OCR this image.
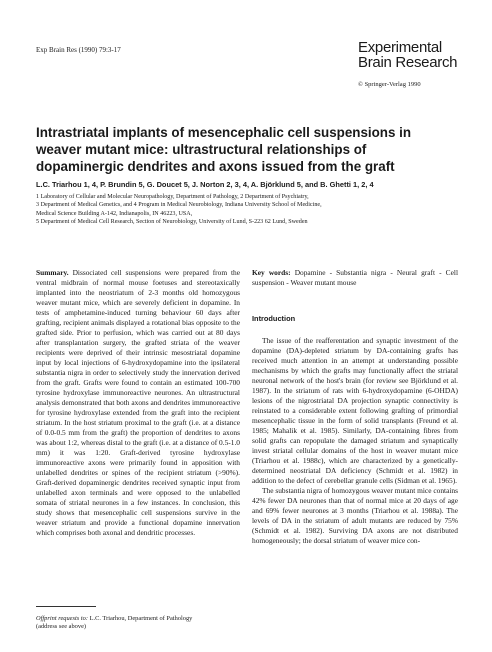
Exp Brain Res (1990) 79:3-17	Experimental
Brain Research
© Springer-Verlag 1990
Intrastriatal implants of mesencephalic cell suspensions in weaver mutant mice: ultrastructural relationships of dopaminergic dendrites and axons issued from the graft
L.C. Triarhou 1, 4, P. Brundin 5, G. Doucet 5, J. Norton 2, 3, 4, A. Björklund 5, and B. Ghetti 1, 2, 4
1 Laboratory of Cellular and Molecular Neuropathology, Department of Pathology, 2 Department of Psychiatry,
3 Department of Medical Genetics, and 4 Program in Medical Neurobiology, Indiana University School of Medicine,
Medical Science Building A-142, Indianapolis, IN 46223, USA,
5 Department of Medical Cell Research, Section of Neurobiology, University of Lund, S-223 62 Lund, Sweden

Summary. Dissociated cell suspensions were prepared from the ventral midbrain of normal mouse foetuses and stereotaxically implanted into the neostriatum of 2-3 months old homozygous weaver mutant mice, which are severely deficient in dopamine. In tests of amphetamine-induced turning behaviour 60 days after grafting, recipient animals displayed a rotational bias opposite to the grafted side. Prior to perfusion, which was carried out at 80 days after transplantation surgery, the grafted striata of the weaver recipients were deprived of their intrinsic mesostriatal dopamine input by local injections of 6-hydroxydopamine into the ipsilateral substantia nigra in order to selectively study the innervation derived from the graft. Grafts were found to contain an estimated 100-700 tyrosine hydroxylase immunoreactive neurones. An ultrastructural analysis demonstrated that both axons and dendrites immunoreactive for tyrosine hydroxylase extended from the graft into the recipient striatum. In the host striatum proximal to the graft (i.e. at a distance of 0.0-0.5 mm from the graft) the proportion of dendrites to axons was about 1:2, whereas distal to the graft (i.e. at a distance of 0.5-1.0 mm) it was 1:20. Graft-derived tyrosine hydroxylase immunoreactive axons were primarily found in apposition with unlabelled dendrites or spines of the recipient striatum (>90%). Graft-derived dopaminergic dendrites received synaptic input from unlabelled axon terminals and were opposed to the unlabelled somata of striatal neurones in a few instances. In conclusion, this study shows that mesencephalic cell suspensions survive in the weaver striatum and provide a functional dopamine innervation which comprises both axonal and dendritic processes.

Key words: Dopamine - Substantia nigra - Neural graft - Cell suspension - Weaver mutant mouse

Introduction

The issue of the reafferentation and synaptic investment of the dopamine (DA)-depleted striatum by DA-containing grafts has received much attention in an attempt at understanding possible mechanisms by which the grafts may functionally affect the striatal neuronal network of the host's brain (for review see Björklund et al. 1987). In the striatum of rats with 6-hydroxydopamine (6-OHDA) lesions of the nigrostriatal DA projection synaptic connectivity is reinstated to a considerable extent following grafting of primordial mesencephalic tissue in the form of solid transplants (Freund et al. 1985; Mahalik et al. 1985). Similarly, DA-containing fibres from solid grafts can repopulate the damaged striatum and synaptically invest striatal cellular domains of the host in weaver mutant mice (Triarhou et al. 1988c), which are characterized by a genetically-determined neostriatal DA deficiency (Schmidt et al. 1982) in addition to the defect of cerebellar granule cells (Sidman et al. 1965).

The substantia nigra of homozygous weaver mutant mice contains 42% fewer DA neurones than that of normal mice at 20 days of age and 69% fewer neurones at 3 months (Triarhou et al. 1988a). The levels of DA in the striatum of adult mutants are reduced by 75% (Schmidt et al. 1982). Surviving DA axons are not distributed homogeneously; the dorsal striatum of weaver mice con-

Offprint requests to: L.C. Triarhou, Department of Pathology (address see above)
